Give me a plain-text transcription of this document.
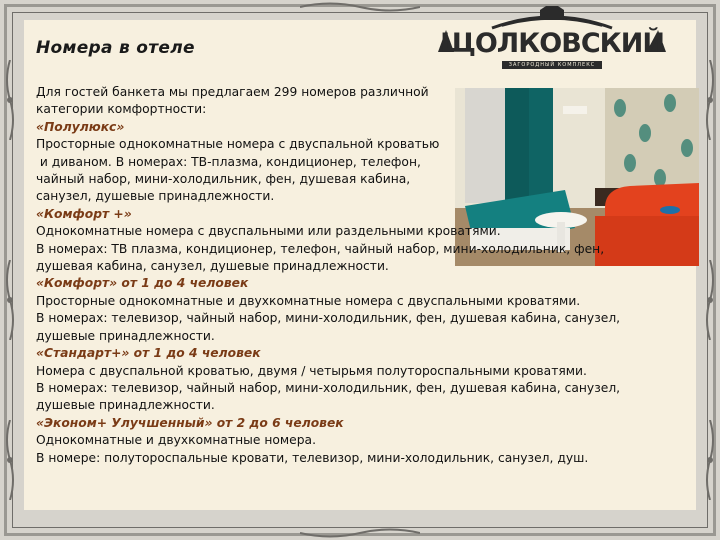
Номера в отеле	ЩОЛКОВСКИЙ
ЗАГОРОДНЫЙ КОМПЛЕКС

Для гостей банкета мы предлагаем 299 номеров различной

категории комфортности:

«Полулюкс»

Просторные однокомнатные номера с двуспальной кроватью

и диваном. В номерах: ТВ-плазма, кондиционер, телефон,

чайный набор, мини-холодильник, фен, душевая кабина,

санузел, душевые принадлежности.

«Комфорт +»

Однокомнатные номера с двуспальными или раздельными кроватями.

В номерах: ТВ плазма, кондиционер, телефон, чайный набор, мини-холодильник, фен,

душевая кабина, санузел, душевые принадлежности.

«Комфорт» от 1 до 4 человек

Просторные однокомнатные и двухкомнатные номера с двуспальными кроватями.

В номерах: телевизор, чайный набор, мини-холодильник, фен, душевая кабина, санузел,

душевые принадлежности.

«Стандарт+» от 1 до 4 человек

Номера с двуспальной кроватью, двумя / четырьмя полутороспальными кроватями.

В номерах: телевизор, чайный набор, мини-холодильник, фен, душевая кабина, санузел,

душевые принадлежности.

«Эконом+ Улучшенный» от 2 до 6 человек

Однокомнатные и двухкомнатные номера.

В номере: полутороспальные кровати, телевизор, мини-холодильник, санузел, душ.
